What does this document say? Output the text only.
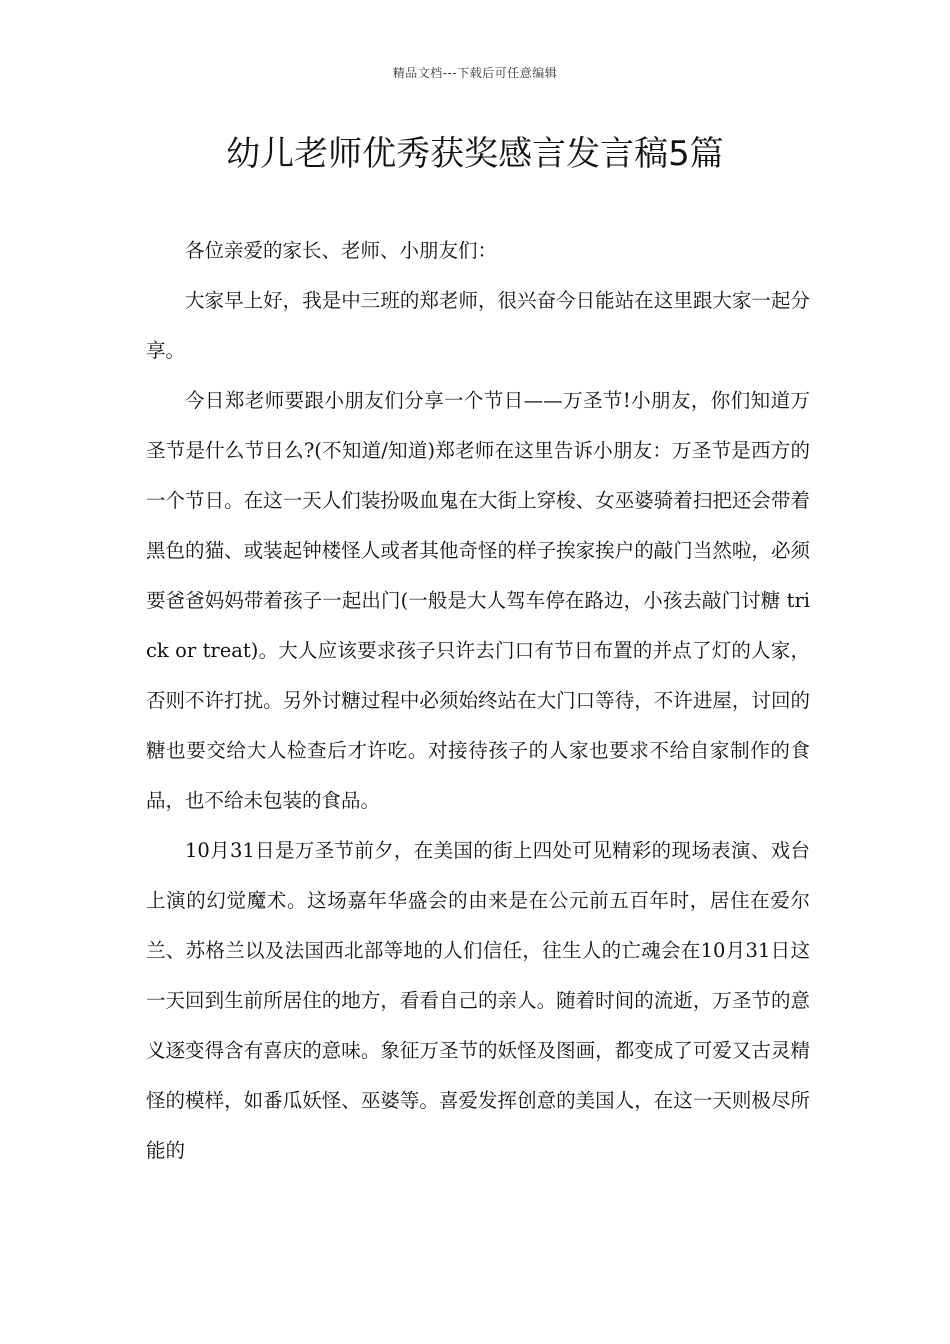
精品文档---下载后可任意编辑
幼儿老师优秀获奖感言发言稿5篇

各位亲爱的家长、老师、小朋友们：

大家早上好，我是中三班的郑老师，很兴奋今日能站在这里跟大家一起分享。

今日郑老师要跟小朋友们分享一个节日——万圣节!小朋友，你们知道万圣节是什么节日么?(不知道/知道)郑老师在这里告诉小朋友：万圣节是西方的一个节日。在这一天人们装扮吸血鬼在大街上穿梭、女巫婆骑着扫把还会带着黑色的猫、或装起钟楼怪人或者其他奇怪的样子挨家挨户的敲门当然啦，必须要爸爸妈妈带着孩子一起出门(一般是大人驾车停在路边，小孩去敲门讨糖 trick or treat)。大人应该要求孩子只许去门口有节日布置的并点了灯的人家，否则不许打扰。另外讨糖过程中必须始终站在大门口等待，不许进屋，讨回的糖也要交给大人检查后才许吃。对接待孩子的人家也要求不给自家制作的食品，也不给未包装的食品。

10月31日是万圣节前夕，在美国的街上四处可见精彩的现场表演、戏台上演的幻觉魔术。这场嘉年华盛会的由来是在公元前五百年时，居住在爱尔兰、苏格兰以及法国西北部等地的人们信任，往生人的亡魂会在10月31日这一天回到生前所居住的地方，看看自己的亲人。随着时间的流逝，万圣节的意义逐变得含有喜庆的意味。象征万圣节的妖怪及图画，都变成了可爱又古灵精怪的模样，如番瓜妖怪、巫婆等。喜爱发挥创意的美国人，在这一天则极尽所能的
